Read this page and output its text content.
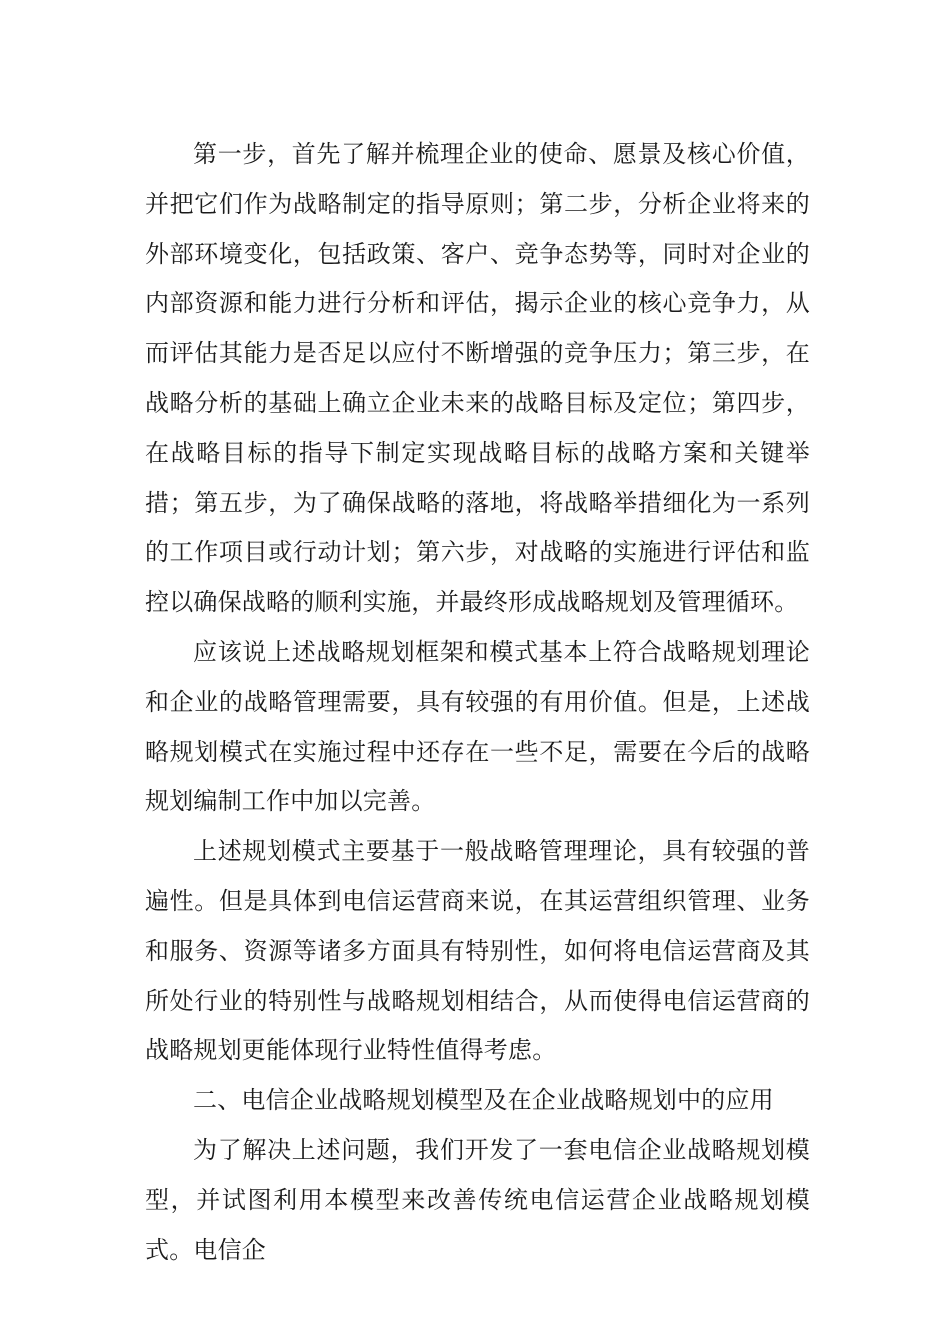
第一步，首先了解并梳理企业的使命、愿景及核心价值，并把它们作为战略制定的指导原则；第二步，分析企业将来的外部环境变化，包括政策、客户、竞争态势等，同时对企业的内部资源和能力进行分析和评估，揭示企业的核心竞争力，从而评估其能力是否足以应付不断增强的竞争压力；第三步，在战略分析的基础上确立企业未来的战略目标及定位；第四步，在战略目标的指导下制定实现战略目标的战略方案和关键举措；第五步，为了确保战略的落地，将战略举措细化为一系列的工作项目或行动计划；第六步，对战略的实施进行评估和监控以确保战略的顺利实施，并最终形成战略规划及管理循环。

应该说上述战略规划框架和模式基本上符合战略规划理论和企业的战略管理需要，具有较强的有用价值。但是，上述战略规划模式在实施过程中还存在一些不足，需要在今后的战略规划编制工作中加以完善。

上述规划模式主要基于一般战略管理理论，具有较强的普遍性。但是具体到电信运营商来说，在其运营组织管理、业务和服务、资源等诸多方面具有特别性，如何将电信运营商及其所处行业的特别性与战略规划相结合，从而使得电信运营商的战略规划更能体现行业特性值得考虑。

二、电信企业战略规划模型及在企业战略规划中的应用

为了解决上述问题，我们开发了一套电信企业战略规划模型，并试图利用本模型来改善传统电信运营企业战略规划模式。电信企
